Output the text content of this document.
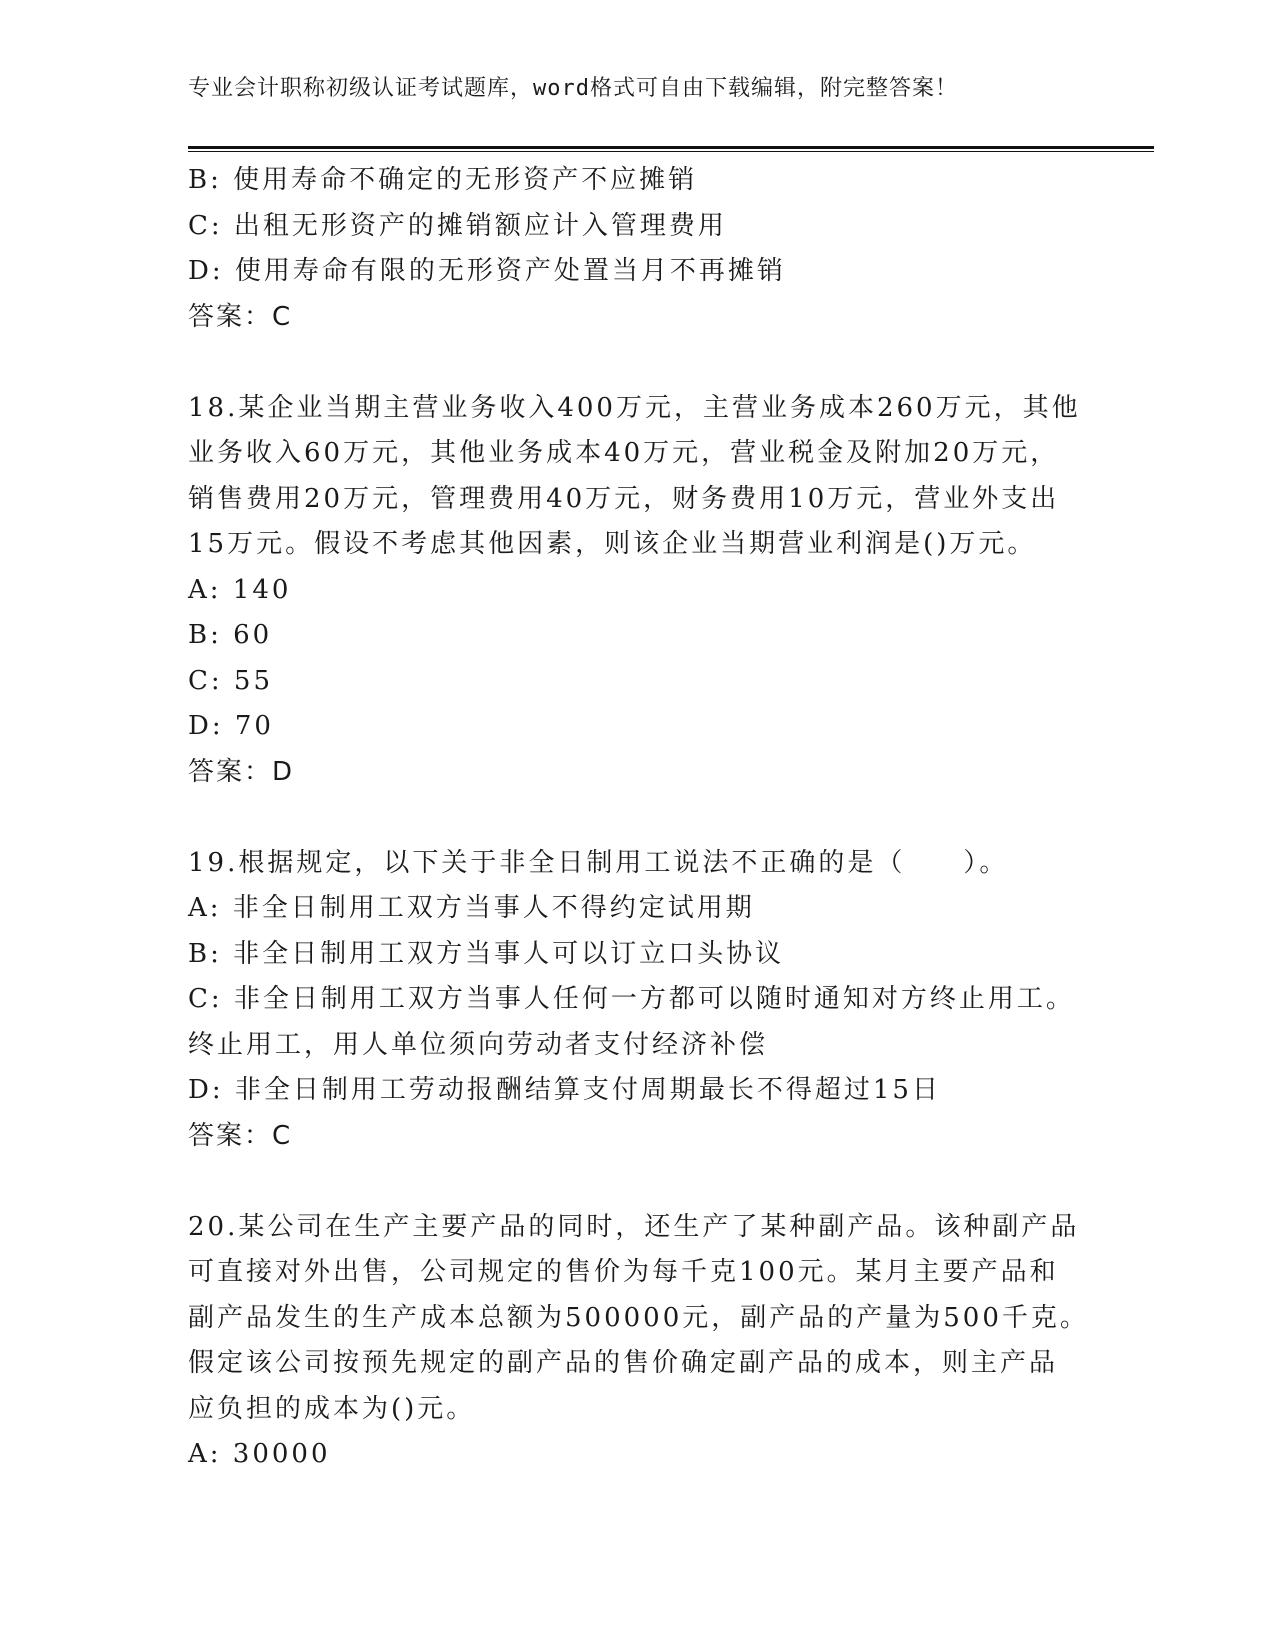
专业会计职称初级认证考试题库，word格式可自由下载编辑，附完整答案！

B: 使用寿命不确定的无形资产不应摊销

C: 出租无形资产的摊销额应计入管理费用

D: 使用寿命有限的无形资产处置当月不再摊销

答案：C

18.某企业当期主营业务收入400万元，主营业务成本260万元，其他

业务收入60万元，其他业务成本40万元，营业税金及附加20万元，

销售费用20万元，管理费用40万元，财务费用10万元，营业外支出

15万元。假设不考虑其他因素，则该企业当期营业利润是()万元。

A: 140

B: 60

C: 55

D: 70

答案：D

19.根据规定，以下关于非全日制用工说法不正确的是（　　）。

A: 非全日制用工双方当事人不得约定试用期

B: 非全日制用工双方当事人可以订立口头协议

C: 非全日制用工双方当事人任何一方都可以随时通知对方终止用工。

终止用工，用人单位须向劳动者支付经济补偿

D: 非全日制用工劳动报酬结算支付周期最长不得超过15日

答案：C

20.某公司在生产主要产品的同时，还生产了某种副产品。该种副产品

可直接对外出售，公司规定的售价为每千克100元。某月主要产品和

副产品发生的生产成本总额为500000元，副产品的产量为500千克。

假定该公司按预先规定的副产品的售价确定副产品的成本，则主产品

应负担的成本为()元。

A: 30000
